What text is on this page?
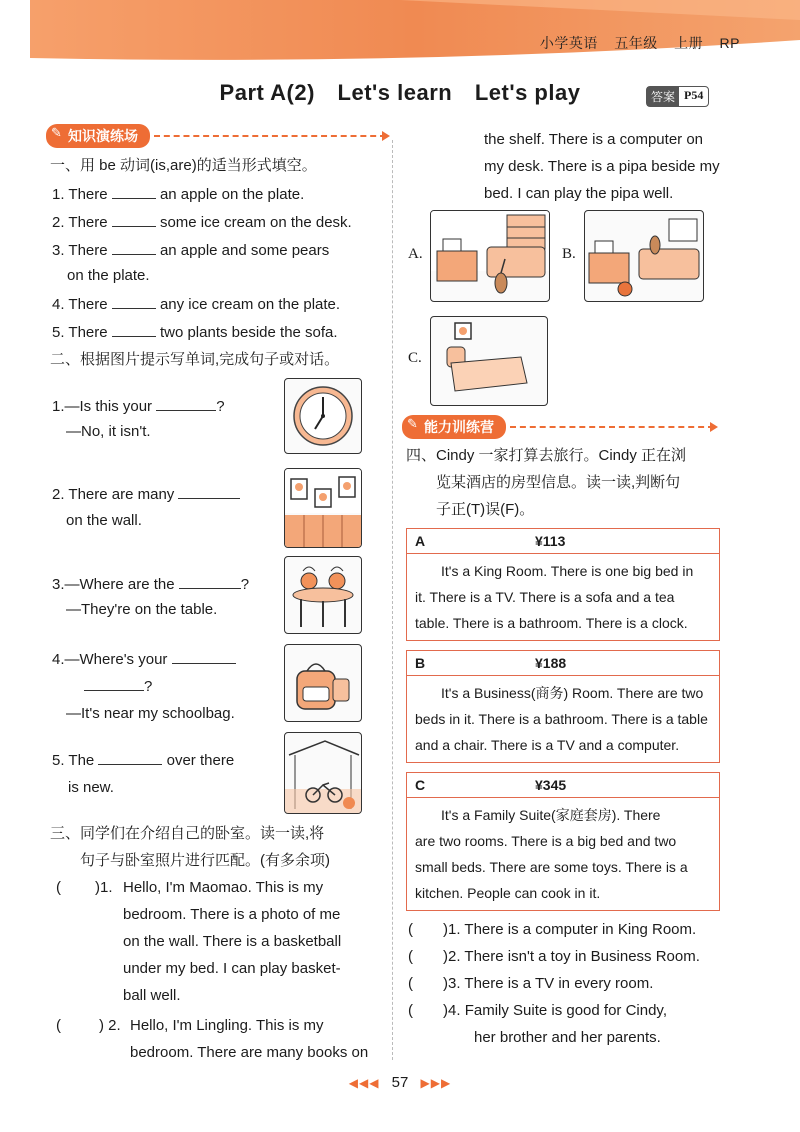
小学英语 五年级 上册 RP
Part A(2) Let's learn Let's play	答案 P54
✎ 知识演练场
一、用 be 动词(is,are)的适当形式填空。
1. There	an apple on the plate.
2. There	some ice cream on the desk.
3. There	an apple and some pears
on the plate.
4. There	any ice cream on the plate.
5. There	two plants beside the sofa.
二、根据图片提示写单词,完成句子或对话。
1.—Is this your	?
—No, it isn't.
2. There are many
on the wall.
3.—Where are the	?
—They're on the table.
4.—Where's your
?
—It's near my schoolbag.
5. The	over there
is new.
三、同学们在介绍自己的卧室。读一读,将
句子与卧室照片进行匹配。(有多余项)
( )1. Hello, I'm Maomao. This is my
bedroom. There is a photo of me
on the wall. There is a basketball
under my bed. I can play basket-
ball well.
(	) 2. Hello, I'm Lingling. This is my
bedroom. There are many books on
the shelf. There is a computer on
my desk. There is a pipa beside my
bed. I can play the pipa well.
A.	B.
C.
✎ 能力训练营
四、Cindy 一家打算去旅行。Cindy 正在浏
览某酒店的房型信息。读一读,判断句
子正(T)误(F)。
A	¥113
It's a King Room. There is one big bed in
it. There is a TV. There is a sofa and a tea
table. There is a bathroom. There is a clock.
B	¥188
It's a Business(商务) Room. There are two
beds in it. There is a bathroom. There is a table
and a chair. There is a TV and a computer.
C	¥345
It's a Family Suite(家庭套房). There
are two rooms. There is a big bed and two
small beds. There are some toys. There is a
kitchen. People can cook in it.
( )1. There is a computer in King Room.
( )2. There isn't a toy in Business Room.
( )3. There is a TV in every room.
( )4. Family Suite is good for Cindy,
her brother and her parents.
◀◀◀ 57 ▶▶▶
